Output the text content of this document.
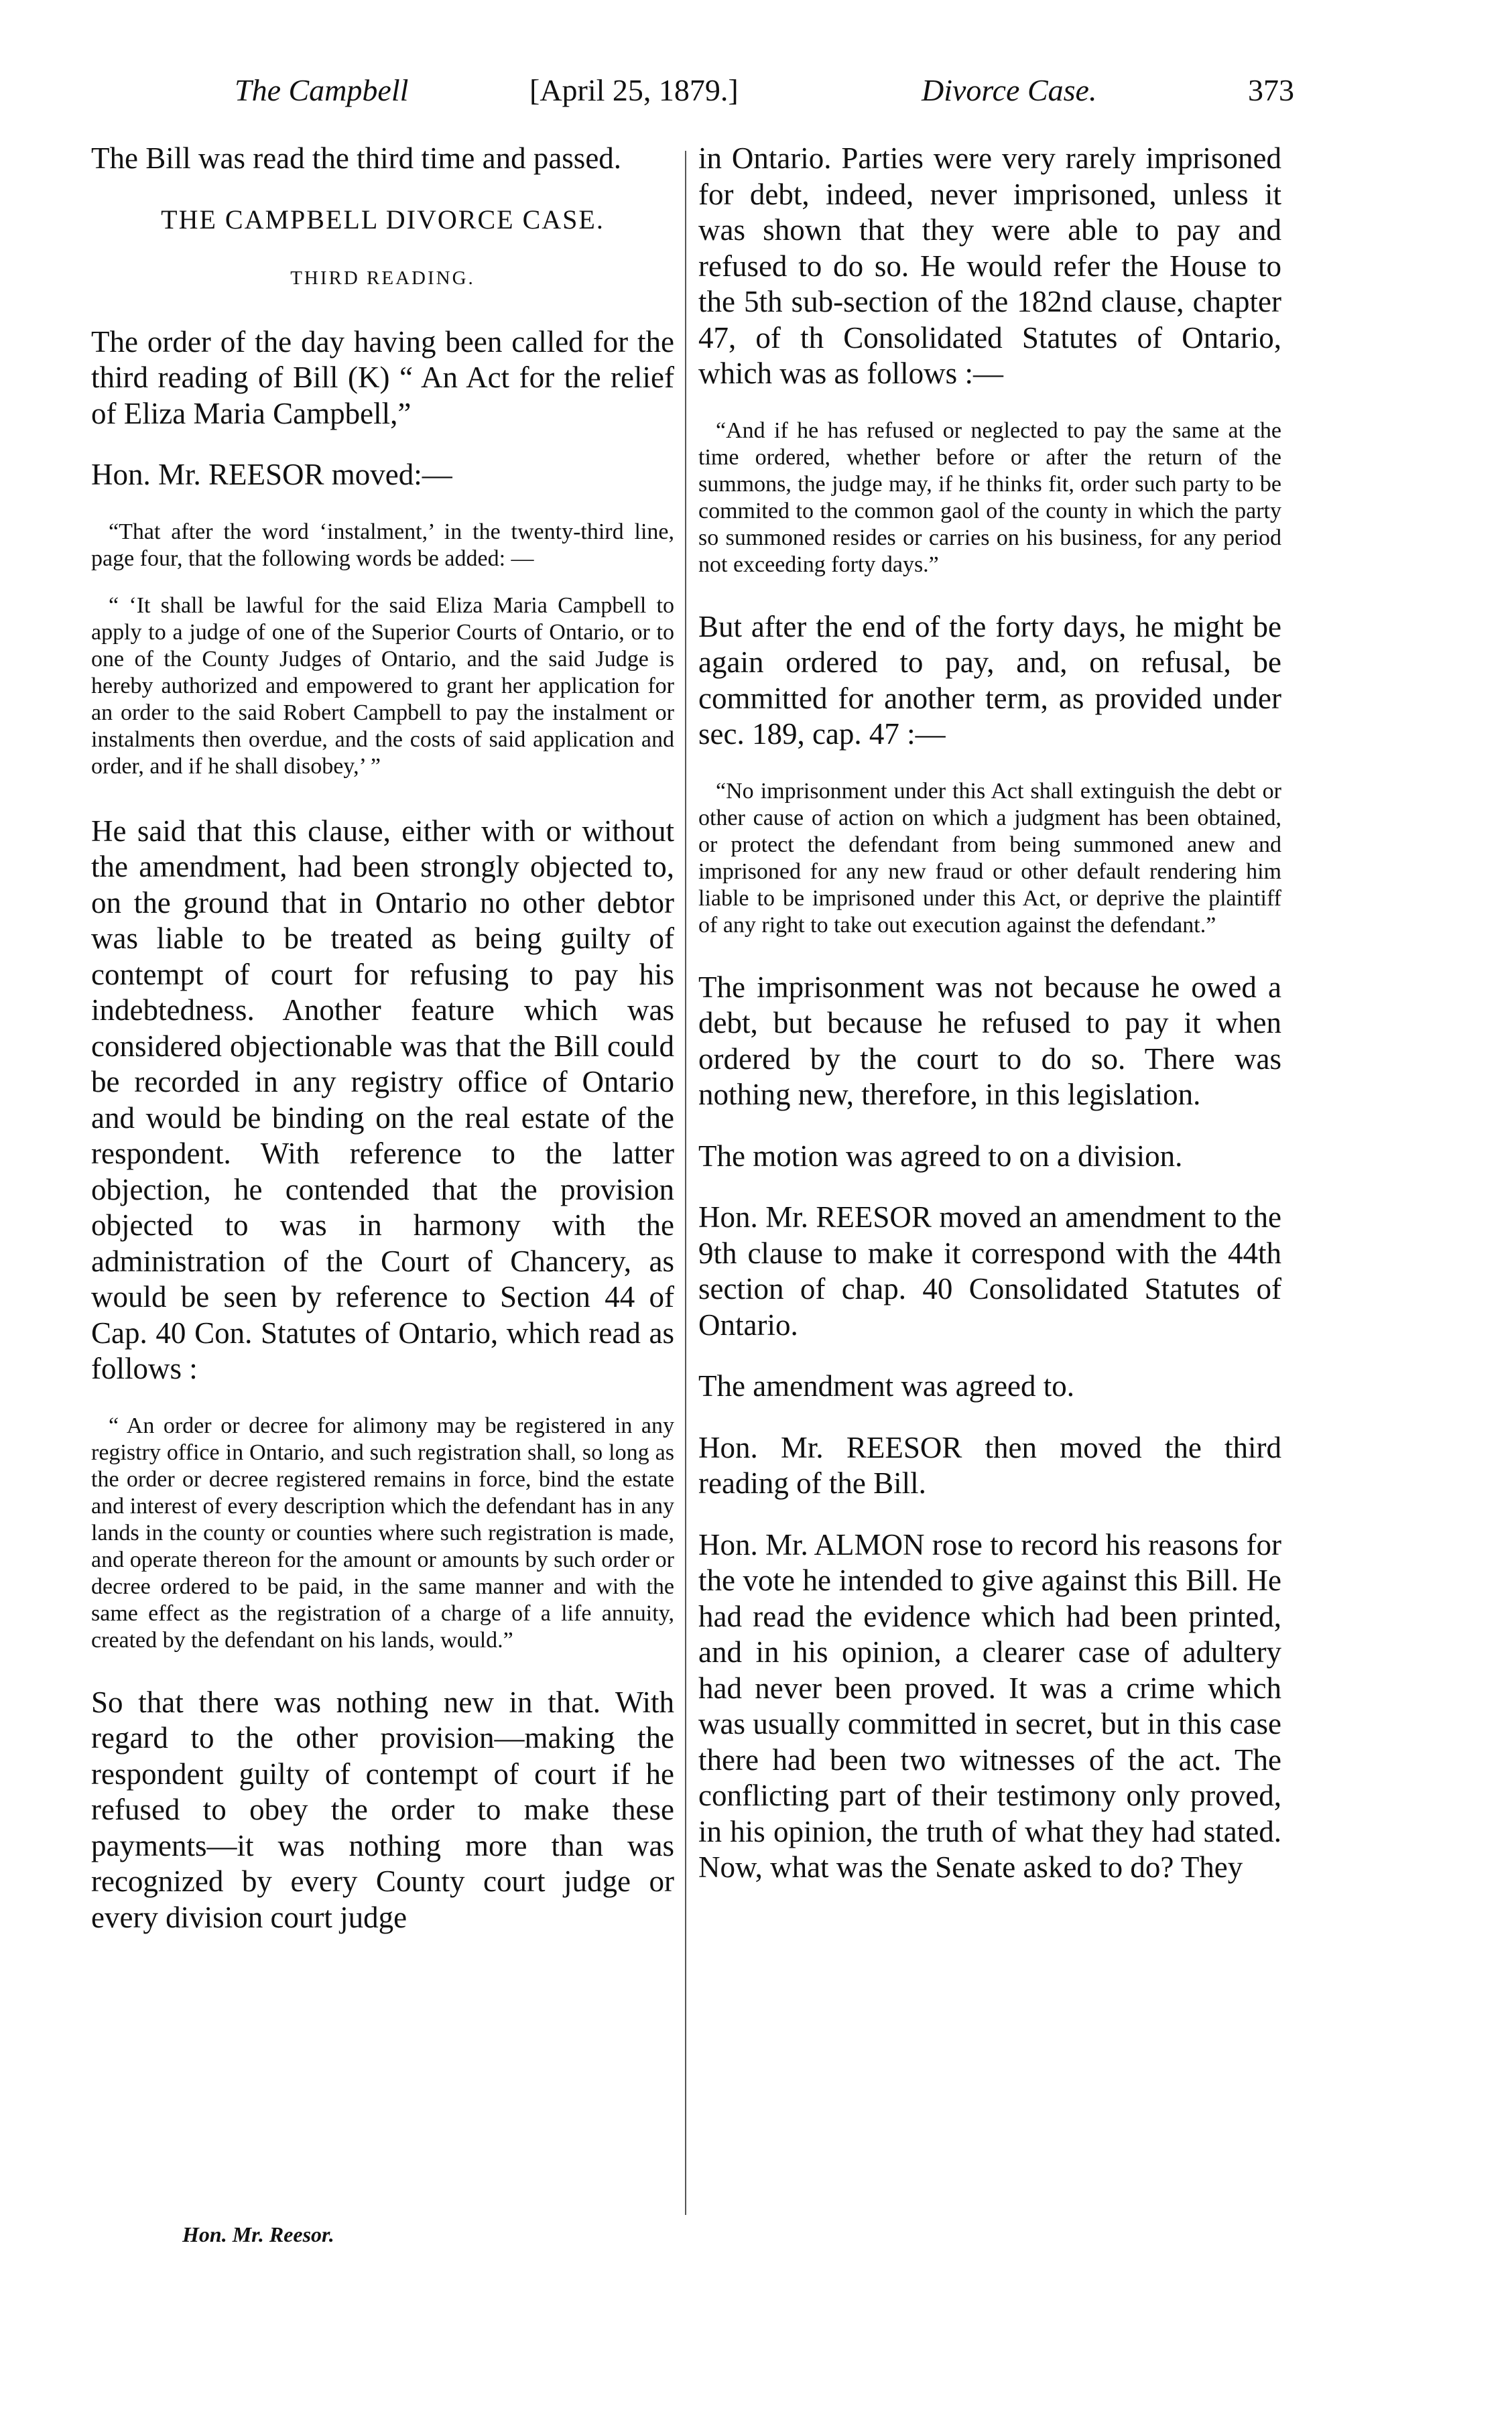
The Campbell	[April 25, 1879.]	Divorce Case.	373

The Bill was read the third time and passed.

THE CAMPBELL DIVORCE CASE.

THIRD READING.

The order of the day having been called for the third reading of Bill (K) “ An Act for the relief of Eliza Maria Campbell,”

Hon. Mr. REESOR moved:—

“That after the word ‘instalment,’ in the twenty-third line, page four, that the following words be added: —

“ ‘It shall be lawful for the said Eliza Maria Campbell to apply to a judge of one of the Superior Courts of Ontario, or to one of the County Judges of Ontario, and the said Judge is hereby authorized and empowered to grant her application for an order to the said Robert Campbell to pay the instalment or instalments then overdue, and the costs of said application and order, and if he shall disobey,’ ”

He said that this clause, either with or without the amendment, had been strongly objected to, on the ground that in Ontario no other debtor was liable to be treated as being guilty of contempt of court for refusing to pay his indebtedness. Another feature which was considered objectionable was that the Bill could be recorded in any registry office of Ontario and would be binding on the real estate of the respondent. With reference to the latter objection, he contended that the provision objected to was in harmony with the administration of the Court of Chancery, as would be seen by reference to Section 44 of Cap. 40 Con. Statutes of Ontario, which read as follows :

“ An order or decree for alimony may be registered in any registry office in Ontario, and such registration shall, so long as the order or decree registered remains in force, bind the estate and interest of every description which the defendant has in any lands in the county or counties where such registration is made, and operate thereon for the amount or amounts by such order or decree ordered to be paid, in the same manner and with the same effect as the registration of a charge of a life annuity, created by the defendant on his lands, would.”

So that there was nothing new in that. With regard to the other provision—making the respondent guilty of contempt of court if he refused to obey the order to make these payments—it was nothing more than was recognized by every County court judge or every division court judge

in Ontario. Parties were very rarely imprisoned for debt, indeed, never imprisoned, unless it was shown that they were able to pay and refused to do so. He would refer the House to the 5th sub-section of the 182nd clause, chapter 47, of th Consolidated Statutes of Ontario, which was as follows :—

“And if he has refused or neglected to pay the same at the time ordered, whether before or after the return of the summons, the judge may, if he thinks fit, order such party to be commited to the common gaol of the county in which the party so summoned resides or carries on his business, for any period not exceeding forty days.”

But after the end of the forty days, he might be again ordered to pay, and, on refusal, be committed for another term, as provided under sec. 189, cap. 47 :—

“No imprisonment under this Act shall extinguish the debt or other cause of action on which a judgment has been obtained, or protect the defendant from being summoned anew and imprisoned for any new fraud or other default rendering him liable to be imprisoned under this Act, or deprive the plaintiff of any right to take out execution against the defendant.”

The imprisonment was not because he owed a debt, but because he refused to pay it when ordered by the court to do so. There was nothing new, therefore, in this legislation.

The motion was agreed to on a division.

Hon. Mr. REESOR moved an amendment to the 9th clause to make it correspond with the 44th section of chap. 40 Consolidated Statutes of Ontario.

The amendment was agreed to.

Hon. Mr. REESOR then moved the third reading of the Bill.

Hon. Mr. ALMON rose to record his reasons for the vote he intended to give against this Bill. He had read the evidence which had been printed, and in his opinion, a clearer case of adultery had never been proved. It was a crime which was usually committed in secret, but in this case there had been two witnesses of the act. The conflicting part of their testimony only proved, in his opinion, the truth of what they had stated. Now, what was the Senate asked to do? They

Hon. Mr. Reesor.
